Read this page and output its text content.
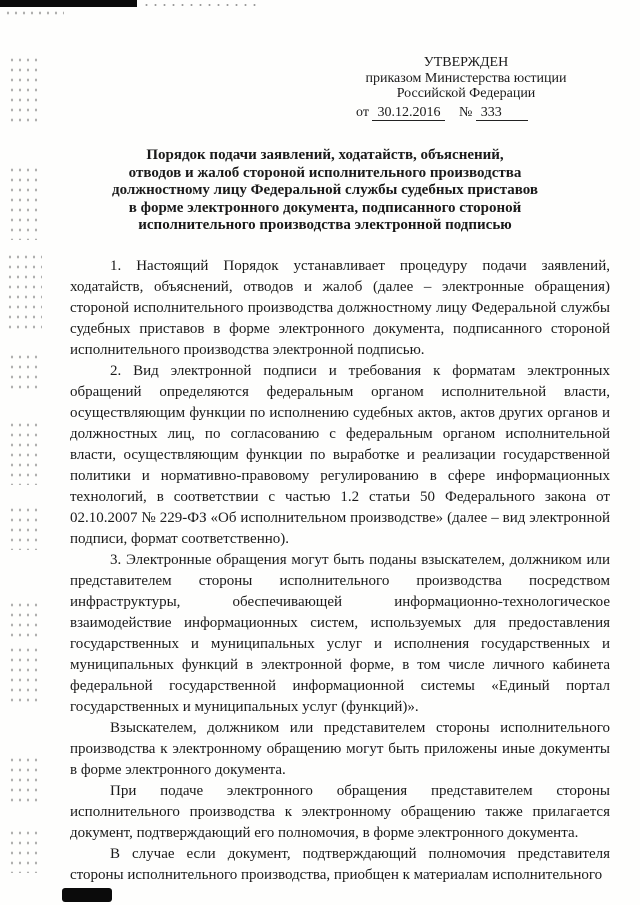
УТВЕРЖДЕН
приказом Министерства юстиции
Российской Федерации
от 30.12.2016 № 333
Порядок подачи заявлений, ходатайств, объяснений,
отводов и жалоб стороной исполнительного производства
должностному лицу Федеральной службы судебных приставов
в форме электронного документа, подписанного стороной
исполнительного производства электронной подписью

1. Настоящий Порядок устанавливает процедуру подачи заявлений, ходатайств, объяснений, отводов и жалоб (далее – электронные обращения) стороной исполнительного производства должностному лицу Федеральной службы судебных приставов в форме электронного документа, подписанного стороной исполнительного производства электронной подписью.

2. Вид электронной подписи и требования к форматам электронных обращений определяются федеральным органом исполнительной власти, осуществляющим функции по исполнению судебных актов, актов других органов и должностных лиц, по согласованию с федеральным органом исполнительной власти, осуществляющим функции по выработке и реализации государственной политики и нормативно-правовому регулированию в сфере информационных технологий, в соответствии с частью 1.2 статьи 50 Федерального закона от 02.10.2007 № 229-ФЗ «Об исполнительном производстве» (далее – вид электронной подписи, формат соответственно).

3. Электронные обращения могут быть поданы взыскателем, должником или представителем стороны исполнительного производства посредством инфраструктуры, обеспечивающей информационно-технологическое взаимодействие информационных систем, используемых для предоставления государственных и муниципальных услуг и исполнения государственных и муниципальных функций в электронной форме, в том числе личного кабинета федеральной государственной информационной системы «Единый портал государственных и муниципальных услуг (функций)».

Взыскателем, должником или представителем стороны исполнительного производства к электронному обращению могут быть приложены иные документы в форме электронного документа.

При подаче электронного обращения представителем стороны исполнительного производства к электронному обращению также прилагается документ, подтверждающий его полномочия, в форме электронного документа.

В случае если документ, подтверждающий полномочия представителя стороны исполнительного производства, приобщен к материалам исполнительного
